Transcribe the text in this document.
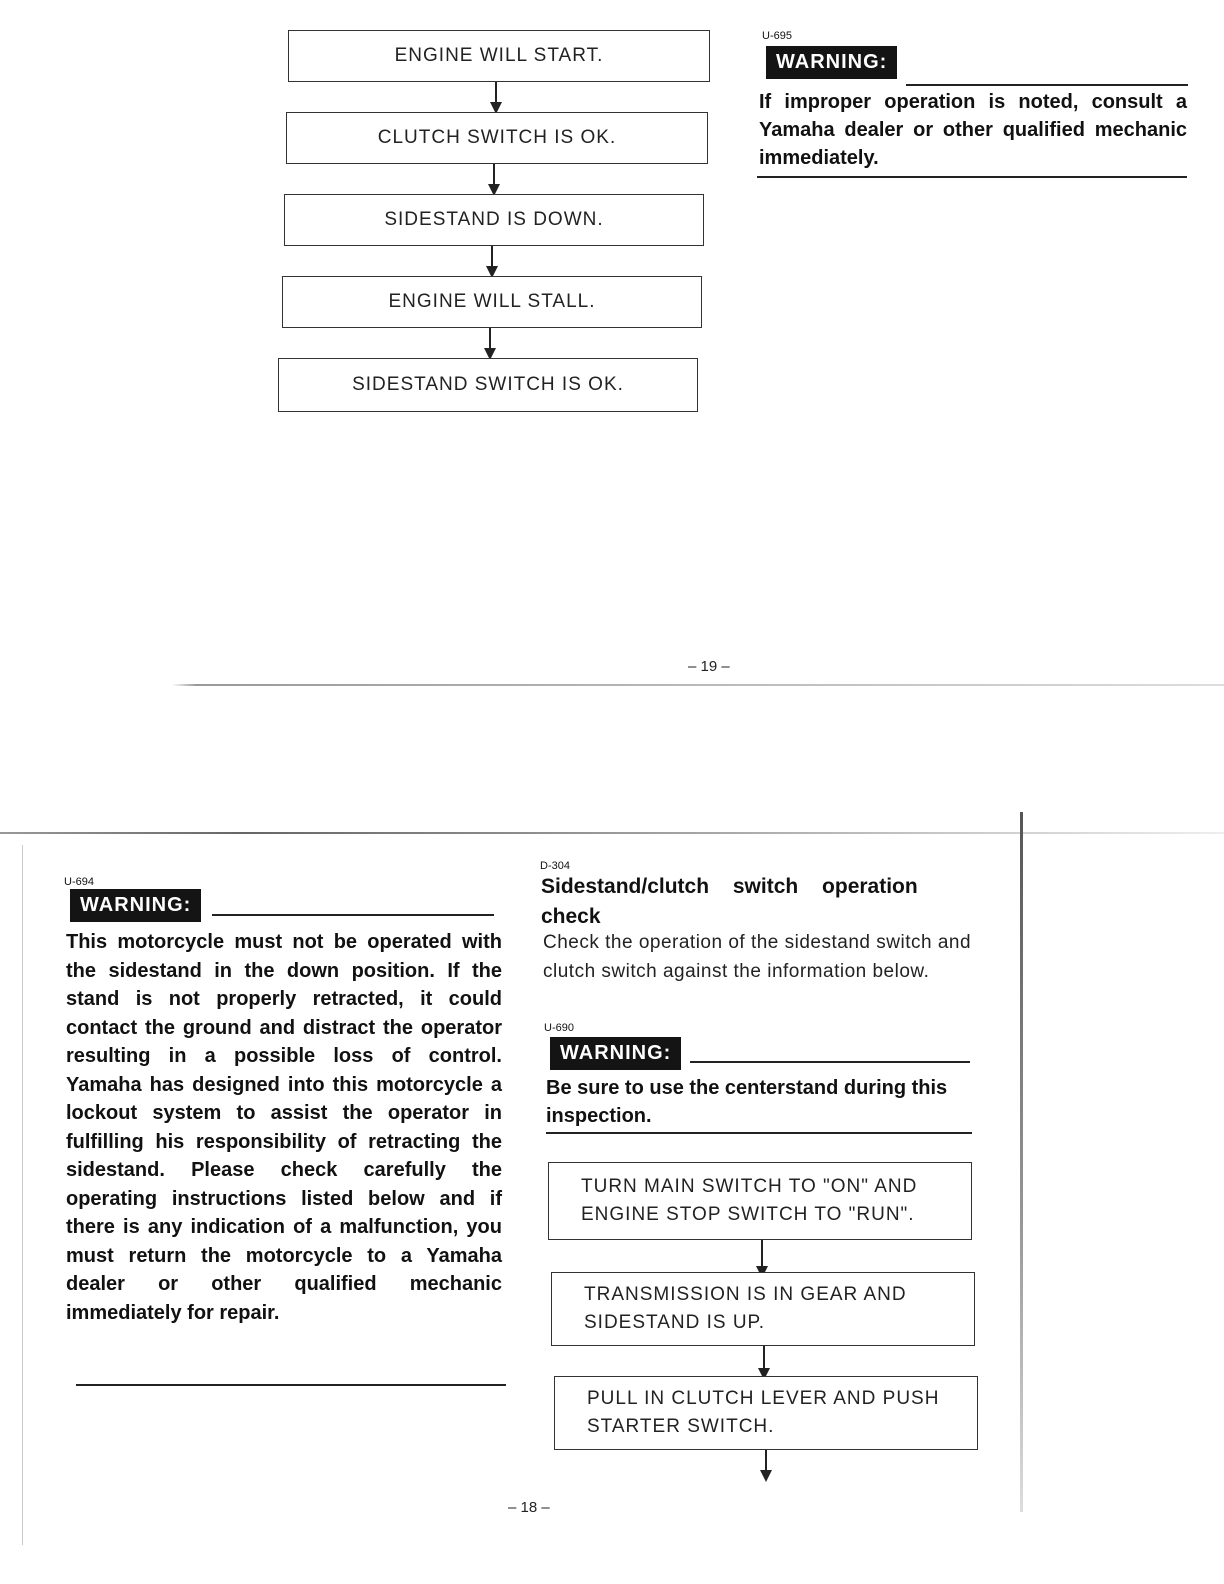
ENGINE WILL START.
CLUTCH SWITCH IS OK.
SIDESTAND IS DOWN.
ENGINE WILL STALL.
SIDESTAND SWITCH IS OK.
U-695
WARNING:
If improper operation is noted, consult a Yamaha dealer or other qualified mechanic immediately.
– 19 –
U-694
WARNING:
This motorcycle must not be operated with the sidestand in the down position. If the stand is not properly retracted, it could contact the ground and distract the operator resulting in a possible loss of control. Yamaha has designed into this motorcycle a lockout system to assist the operator in fulfilling his responsibility of retracting the sidestand. Please check carefully the operating instructions listed below and if there is any indication of a malfunction, you must return the motorcycle to a Yamaha dealer or other qualified mechanic immediately for repair.
D-304
Sidestand/clutch switch operation check
Check the operation of the sidestand switch and clutch switch against the information below.
U-690
WARNING:
Be sure to use the centerstand during this inspection.
TURN MAIN SWITCH TO "ON" AND ENGINE STOP SWITCH TO "RUN".
TRANSMISSION IS IN GEAR AND SIDESTAND IS UP.
PULL IN CLUTCH LEVER AND PUSH STARTER SWITCH.
– 18 –
